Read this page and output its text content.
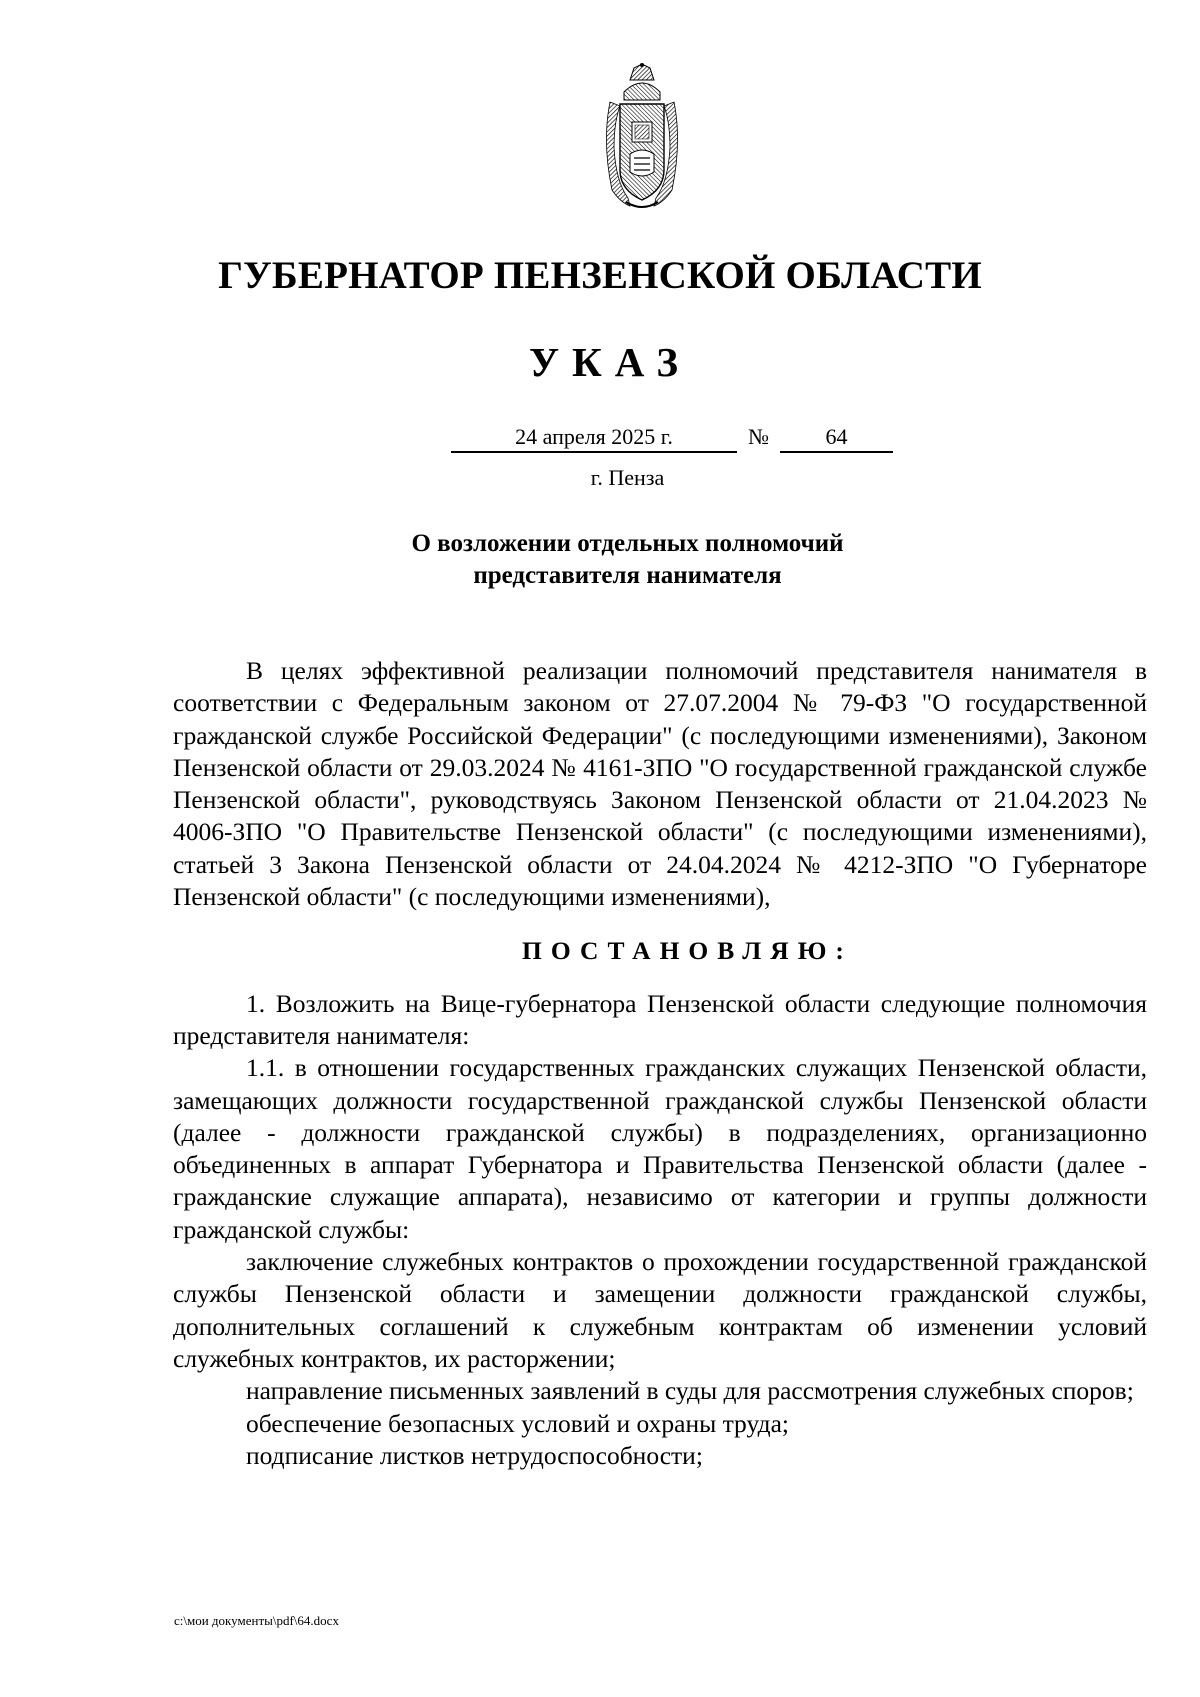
ГУБЕРНАТОР ПЕНЗЕНСКОЙ ОБЛАСТИ
УКАЗ
24 апреля 2025 г.	№	64
г. Пенза
О возложении отдельных полномочий
представителя нанимателя

В целях эффективной реализации полномочий представителя нанимателя в соответствии с Федеральным законом от 27.07.2004 № 79-ФЗ "О государственной гражданской службе Российской Федерации" (с последующими изменениями), Законом Пензенской области от 29.03.2024 № 4161-ЗПО "О государственной гражданской службе Пензенской области", руководствуясь Законом Пензенской области от 21.04.2023 № 4006-ЗПО "О Правительстве Пензенской области" (с последующими изменениями), статьей 3 Закона Пензенской области от 24.04.2024 № 4212-ЗПО "О Губернаторе Пензенской области" (с последующими изменениями),

ПОСТАНОВЛЯЮ:

1. Возложить на Вице-губернатора Пензенской области следующие полномочия представителя нанимателя:

1.1. в отношении государственных гражданских служащих Пензенской области, замещающих должности государственной гражданской службы Пензенской области (далее - должности гражданской службы) в подразделениях, организационно объединенных в аппарат Губернатора и Правительства Пензенской области (далее - гражданские служащие аппарата), независимо от категории и группы должности гражданской службы:

заключение служебных контрактов о прохождении государственной гражданской службы Пензенской области и замещении должности гражданской службы, дополнительных соглашений к служебным контрактам об изменении условий служебных контрактов, их расторжении;

направление письменных заявлений в суды для рассмотрения служебных споров;

обеспечение безопасных условий и охраны труда;

подписание листков нетрудоспособности;

c:\мои документы\pdf\64.docx
